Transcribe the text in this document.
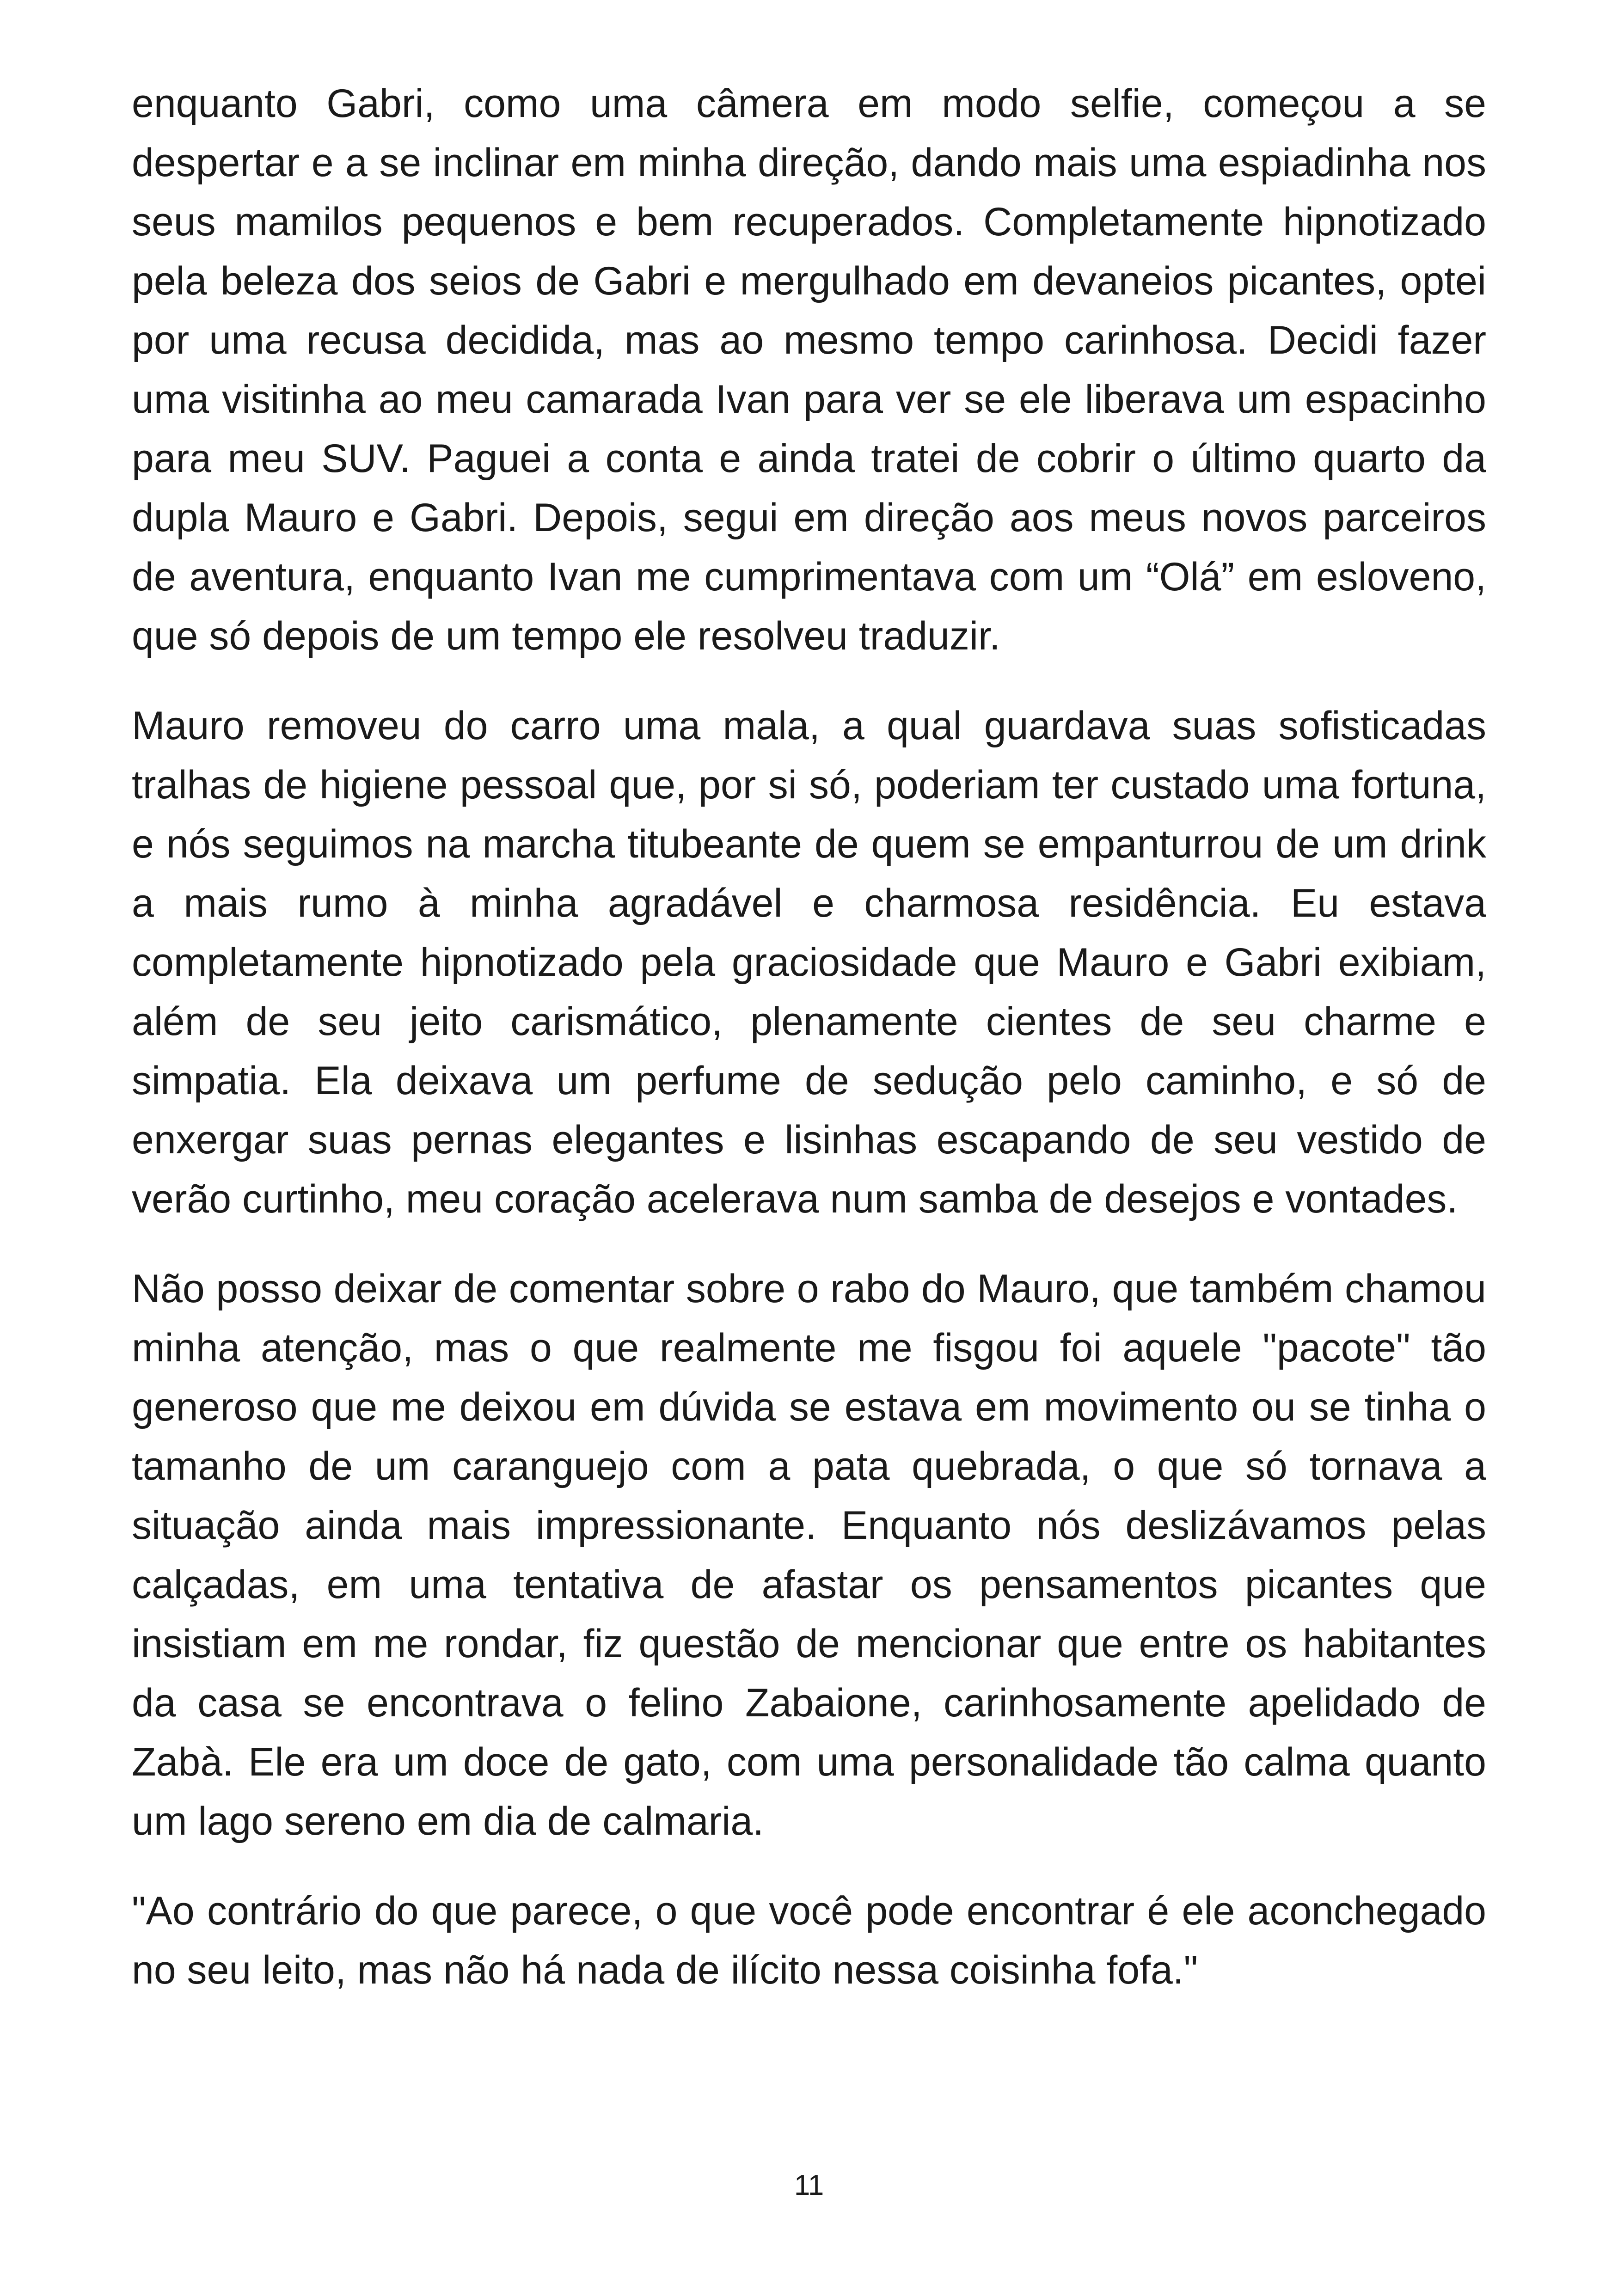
enquanto Gabri, como uma câmera em modo selfie, começou a se despertar e a se inclinar em minha direção, dando mais uma espiadinha nos seus mamilos pequenos e bem recuperados. Completamente hipnotizado pela beleza dos seios de Gabri e mergulhado em devaneios picantes, optei por uma recusa decidida, mas ao mesmo tempo carinhosa. Decidi fazer uma visitinha ao meu camarada Ivan para ver se ele liberava um espacinho para meu SUV. Paguei a conta e ainda tratei de cobrir o último quarto da dupla Mauro e Gabri. Depois, segui em direção aos meus novos parceiros de aventura, enquanto Ivan me cumprimentava com um “Olá” em esloveno, que só depois de um tempo ele resolveu traduzir.

Mauro removeu do carro uma mala, a qual guardava suas sofisticadas tralhas de higiene pessoal que, por si só, poderiam ter custado uma fortuna, e nós seguimos na marcha titubeante de quem se empanturrou de um drink a mais rumo à minha agradável e charmosa residência. Eu estava completamente hipnotizado pela graciosidade que Mauro e Gabri exibiam, além de seu jeito carismático, plenamente cientes de seu charme e simpatia. Ela deixava um perfume de sedução pelo caminho, e só de enxergar suas pernas elegantes e lisinhas escapando de seu vestido de verão curtinho, meu coração acelerava num samba de desejos e vontades.

Não posso deixar de comentar sobre o rabo do Mauro, que também chamou minha atenção, mas o que realmente me fisgou foi aquele "pacote" tão generoso que me deixou em dúvida se estava em movimento ou se tinha o tamanho de um caranguejo com a pata quebrada, o que só tornava a situação ainda mais impressionante. Enquanto nós deslizávamos pelas calçadas, em uma tentativa de afastar os pensamentos picantes que insistiam em me rondar, fiz questão de mencionar que entre os habitantes da casa se encontrava o felino Zabaione, carinhosamente apelidado de Zabà. Ele era um doce de gato, com uma personalidade tão calma quanto um lago sereno em dia de calmaria.

"Ao contrário do que parece, o que você pode encontrar é ele aconchegado no seu leito, mas não há nada de ilícito nessa coisinha fofa."

11
